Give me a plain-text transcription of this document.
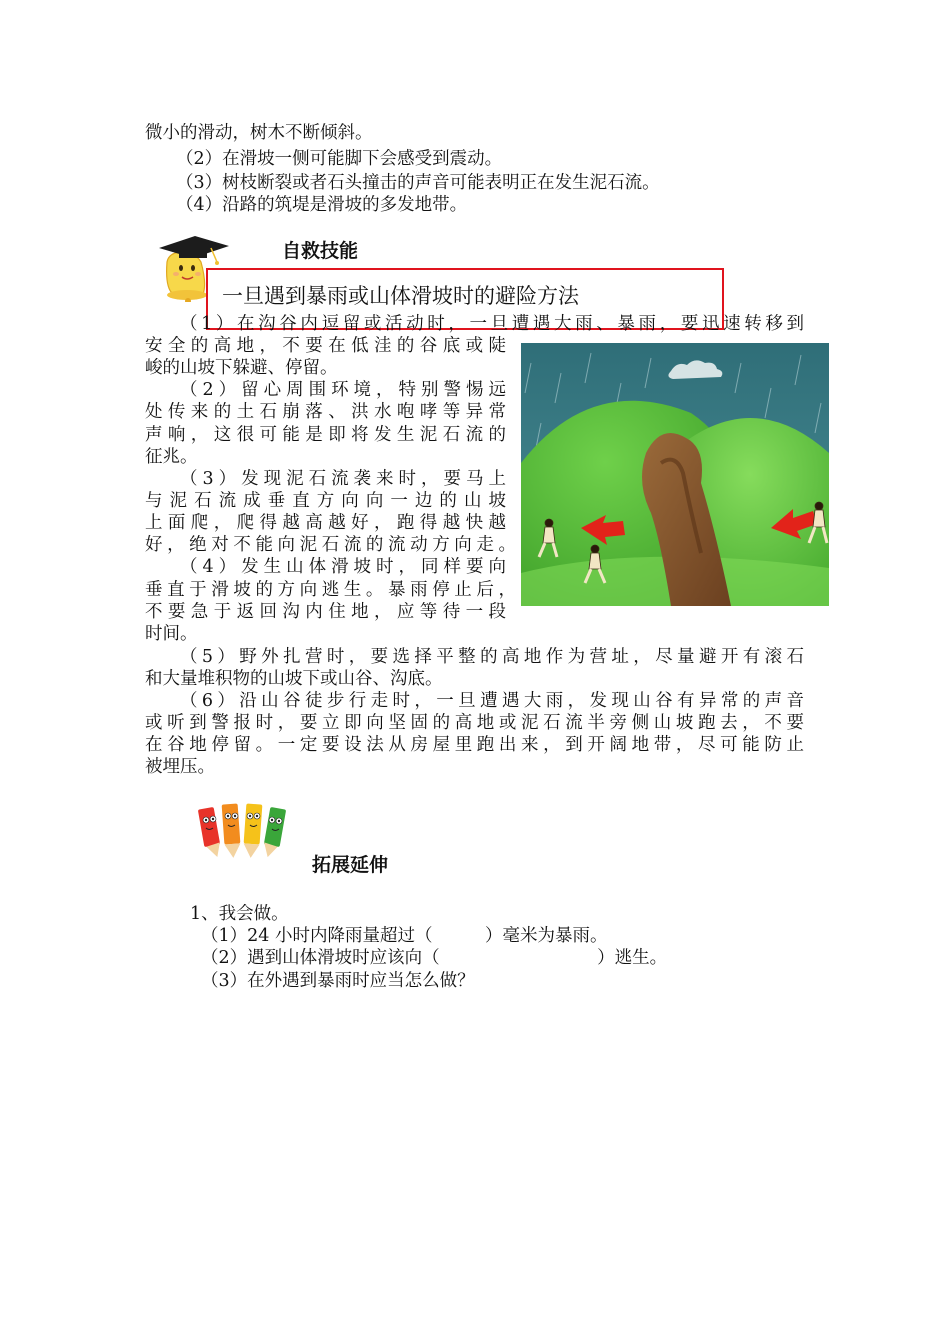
微小的滑动，树木不断倾斜。
（2）在滑坡一侧可能脚下会感受到震动。
（3）树枝断裂或者石头撞击的声音可能表明正在发生泥石流。
（4）沿路的筑堤是滑坡的多发地带。
自救技能
一旦遇到暴雨或山体滑坡时的避险方法
（1）在沟谷内逗留或活动时，一旦遭遇大雨、暴雨，要迅速转移到
安全的高地，不要在低洼的谷底或陡
峻的山坡下躲避、停留。
（2）留心周围环境，特别警惕远
处传来的土石崩落、洪水咆哮等异常
声响，这很可能是即将发生泥石流的
征兆。
（3）发现泥石流袭来时，要马上
与泥石流成垂直方向向一边的山坡
上面爬，爬得越高越好，跑得越快越
好，绝对不能向泥石流的流动方向走。
（4）发生山体滑坡时，同样要向
垂直于滑坡的方向逃生。暴雨停止后，
不要急于返回沟内住地，应等待一段
时间。
（5）野外扎营时，要选择平整的高地作为营址，尽量避开有滚石
和大量堆积物的山坡下或山谷、沟底。
（6）沿山谷徒步行走时，一旦遭遇大雨，发现山谷有异常的声音
或听到警报时，要立即向坚固的高地或泥石流半旁侧山坡跑去，不要
在谷地停留。一定要设法从房屋里跑出来，到开阔地带，尽可能防止
被埋压。
拓展延伸
1、我会做。
（1）24 小时内降雨量超过（　　　）毫米为暴雨。
（2）遇到山体滑坡时应该向（　　　　　　　　　）逃生。
（3）在外遇到暴雨时应当怎么做？
